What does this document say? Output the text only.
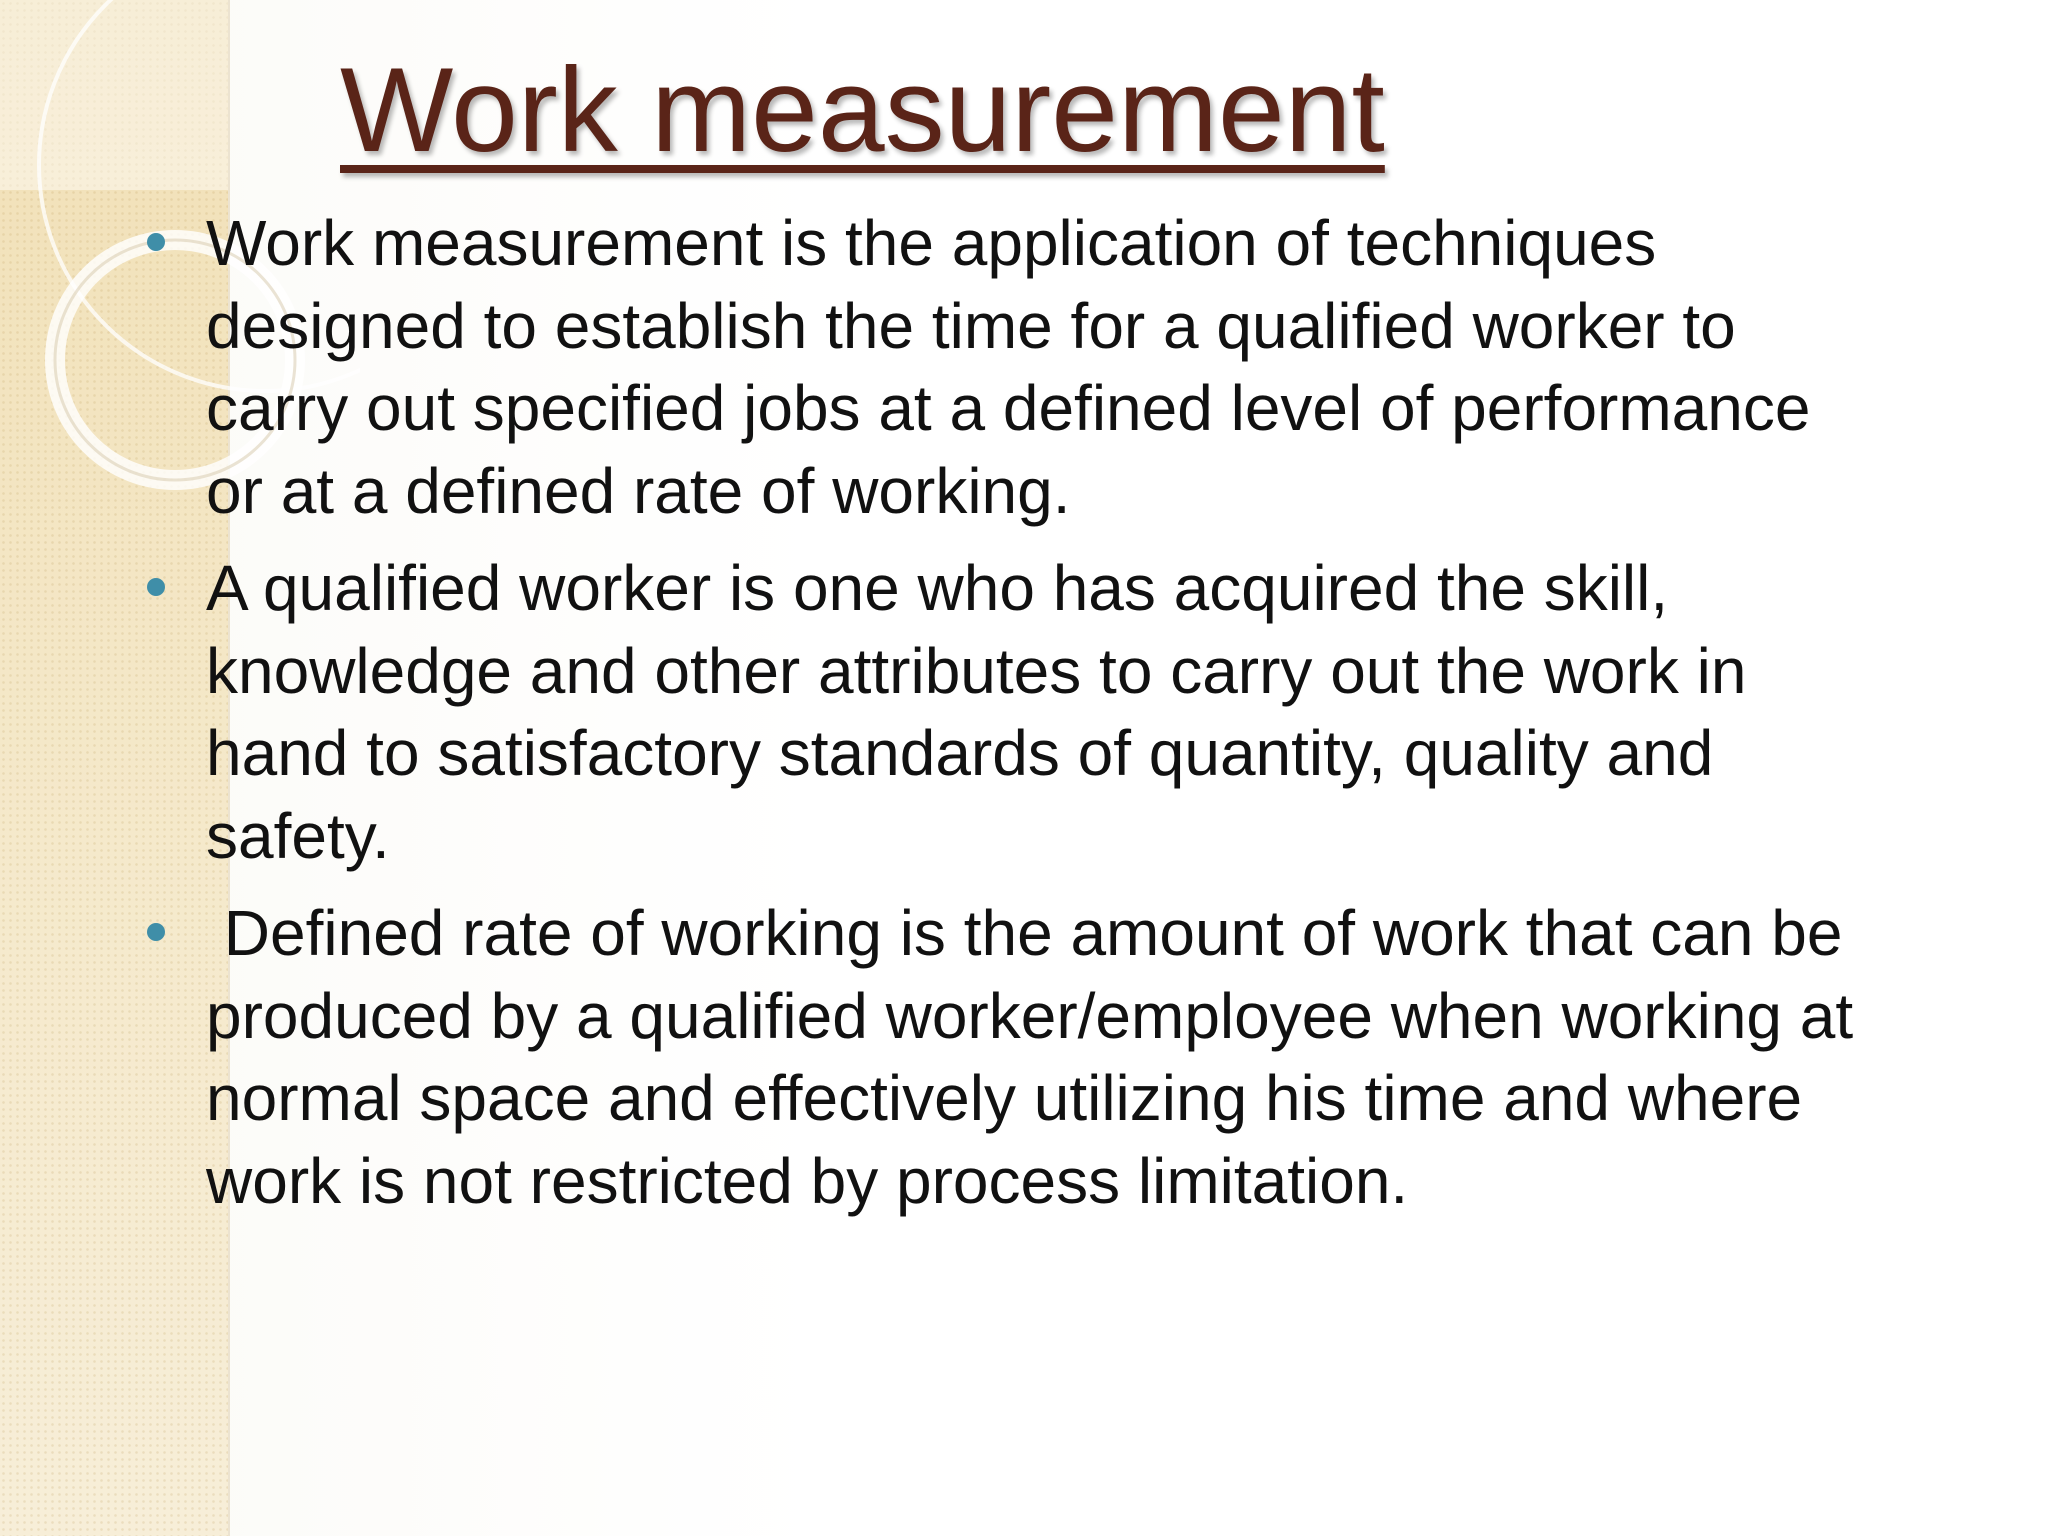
Work measurement
Work measurement is the application of techniques
designed to establish the time for a qualified worker to
carry out specified jobs at a defined level of performance
or at a defined rate of working.
A qualified worker is one who has acquired the skill,
knowledge and other attributes to carry out the work in
hand to satisfactory standards of quantity, quality and
safety.
Defined rate of working is the amount of work that can be
produced by a qualified worker/employee when working at
normal space and effectively utilizing his time and where
work is not restricted by process limitation.
